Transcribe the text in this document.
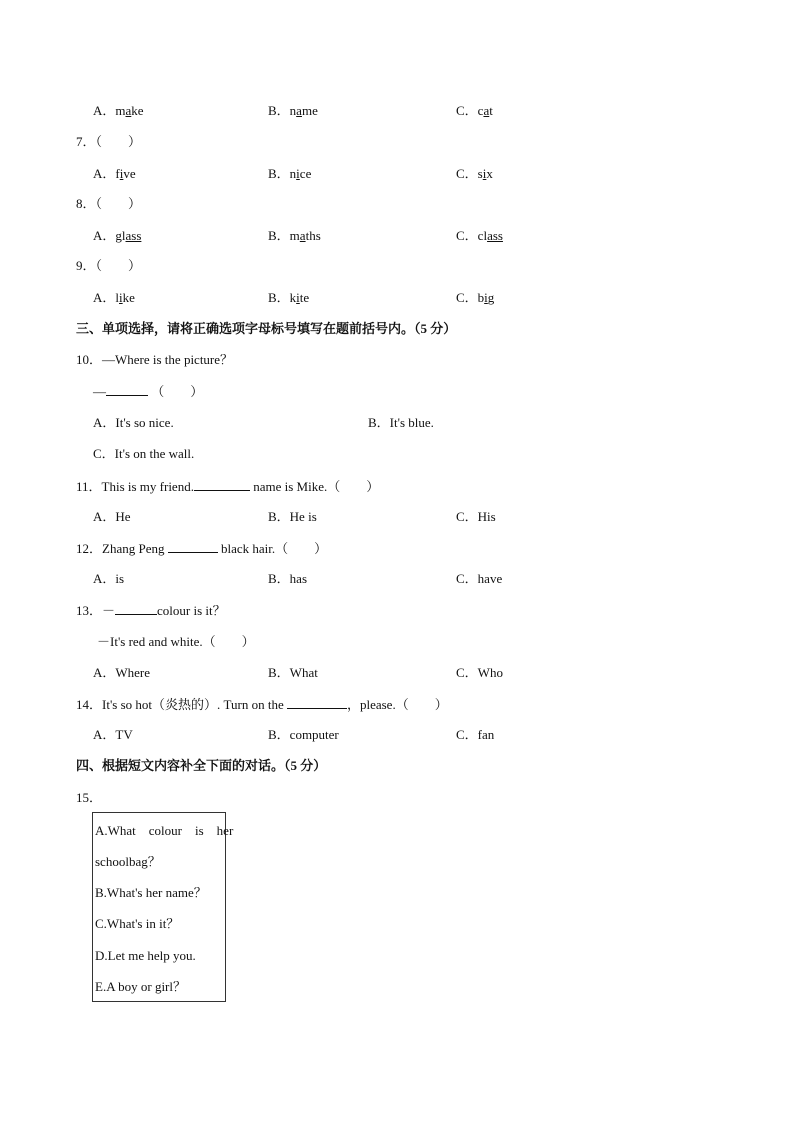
A．make	B．name	C．cat
7．（　　）
A．five	B．nice	C．six
8．（　　）
A．glass	B．maths	C．class
9．（　　）
A．like	B．kite	C．big
三、单项选择，请将正确选项字母标号填写在题前括号内。（5 分）
10．—Where is the picture？
—	（　　）
A．It's so nice.	B．It's blue.
C．It's on the wall.
11．This is my friend.	name is Mike.（　　）
A．He	B．He is	C．His
12．Zhang Peng	black hair.（　　）
A．is	B．has	C．have
13．－	colour is it？
－It's red and white.（　　）
A．Where	B．What	C．Who
14．It's so hot（炎热的）. Turn on the	，please.（　　）
A．TV	B．computer	C．fan
四、根据短文内容补全下面的对话。（5 分）
15．
A.What　colour　is　her
schoolbag？
B.What's her name？
C.What's in it？
D.Let me help you.
E.A boy or girl？
